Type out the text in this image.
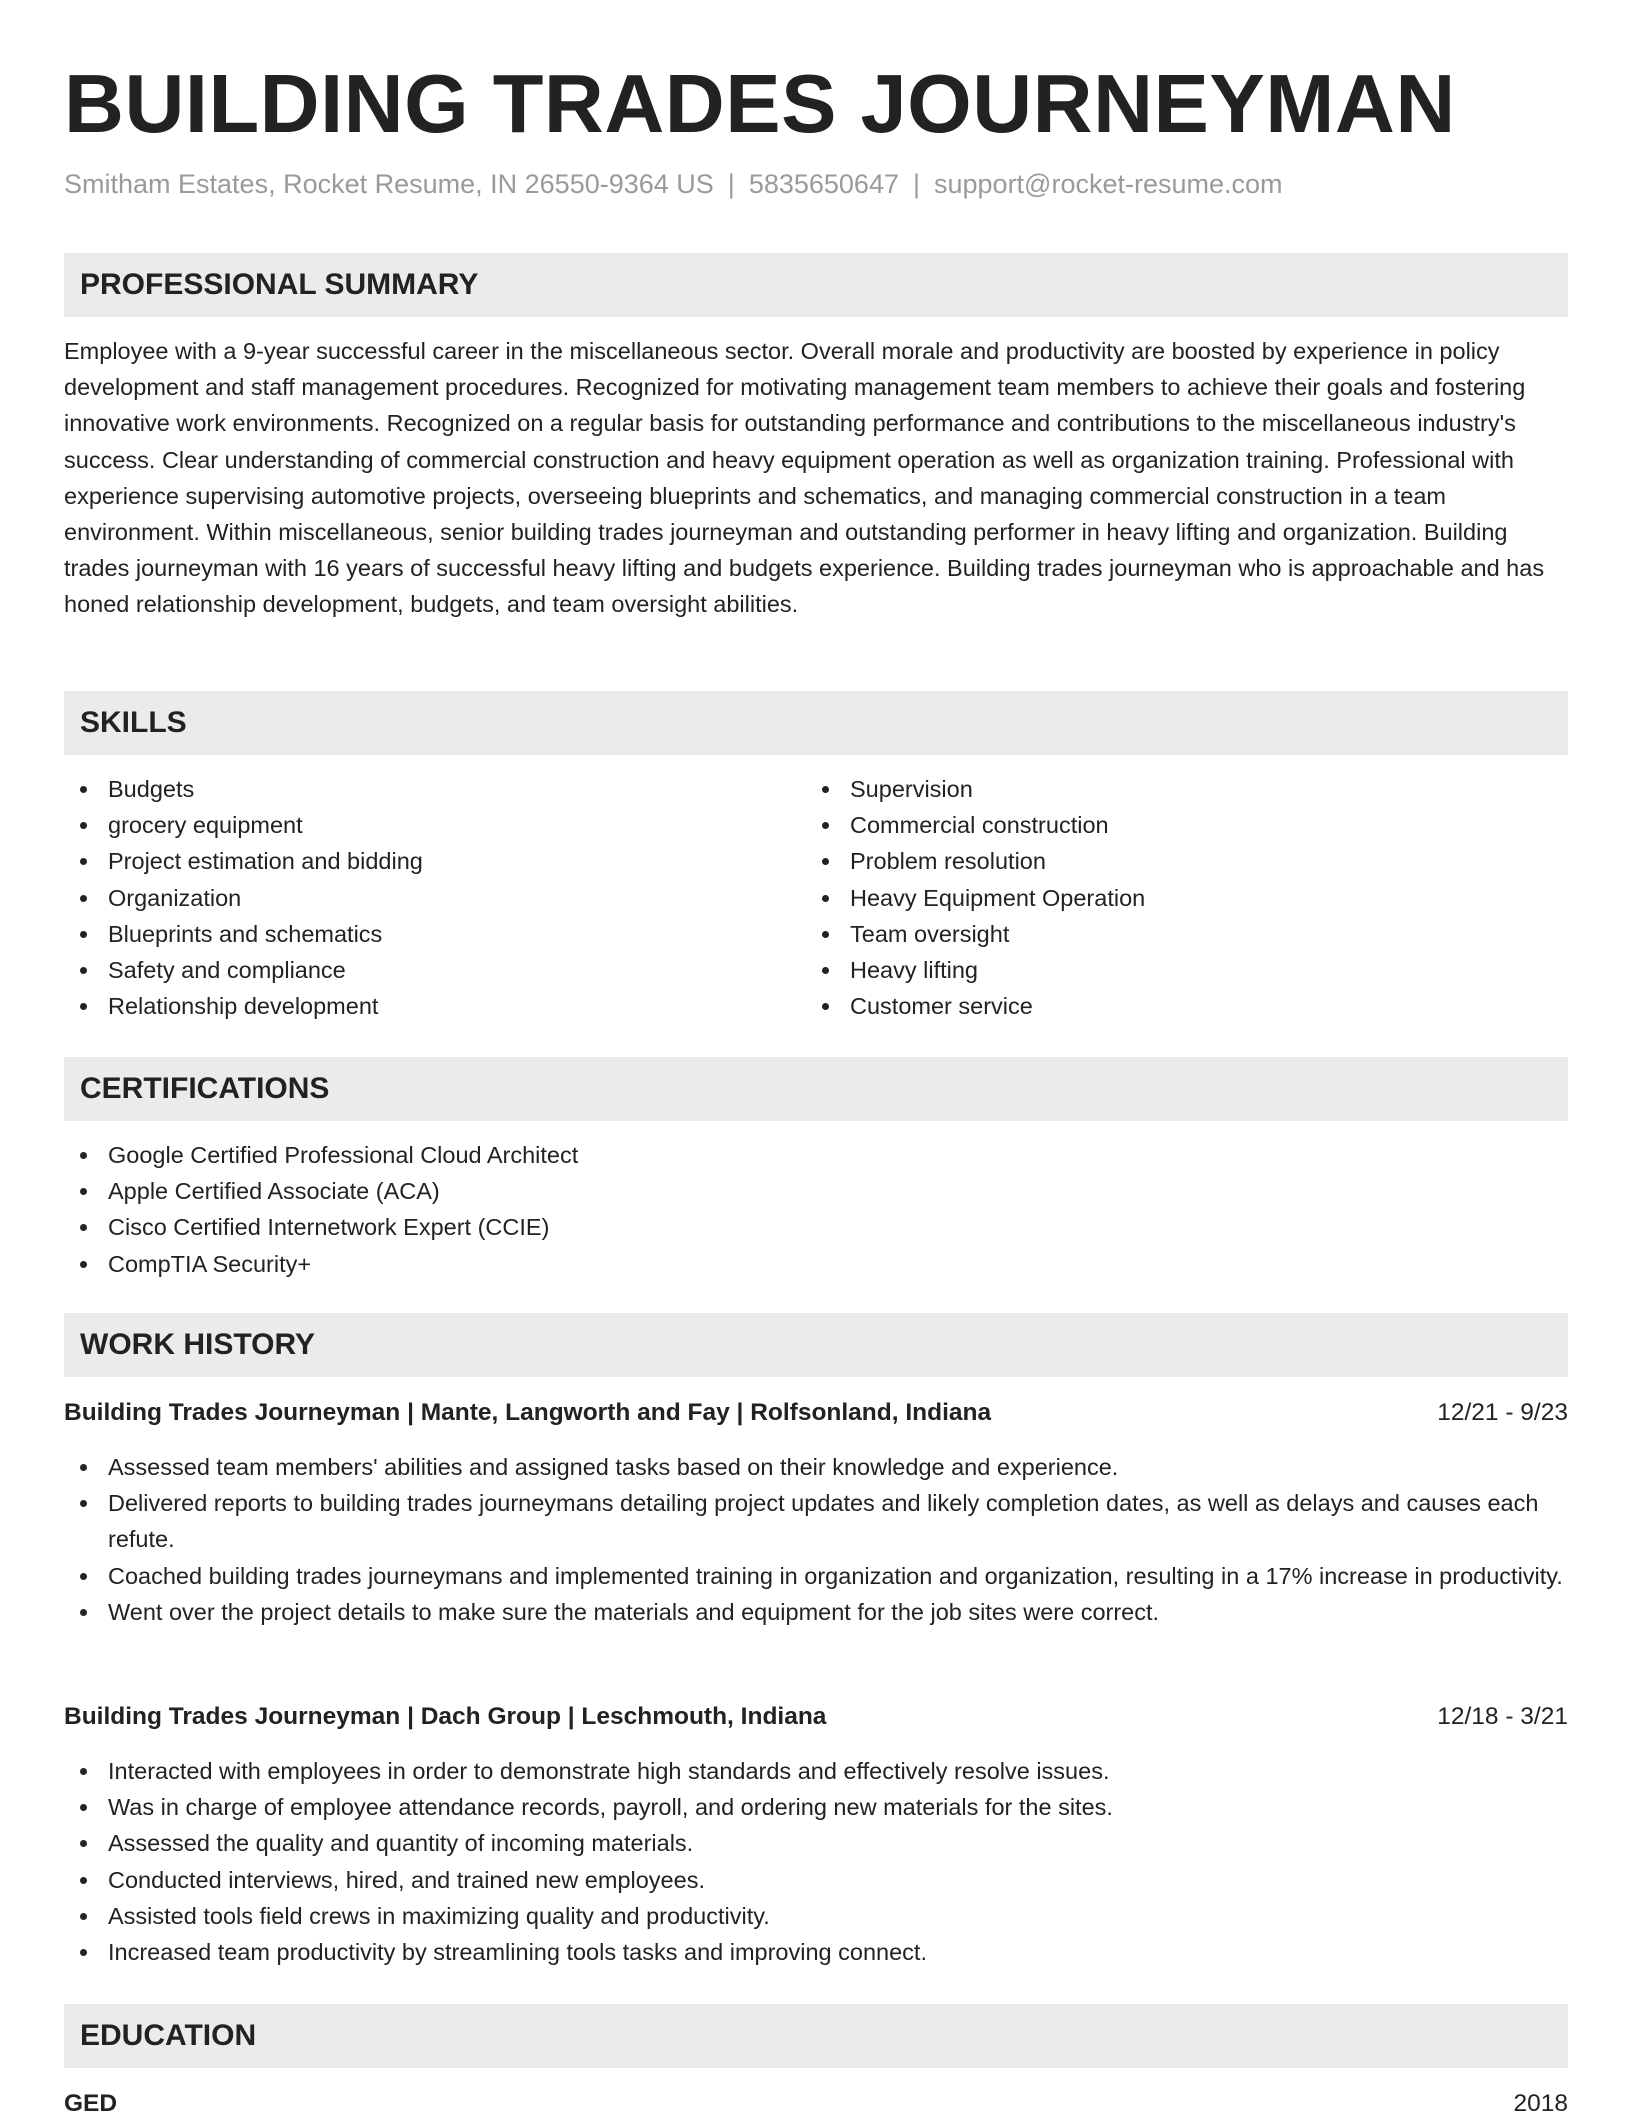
BUILDING TRADES JOURNEYMAN
Smitham Estates, Rocket Resume, IN 26550-9364 US | 5835650647 | support@rocket-resume.com
PROFESSIONAL SUMMARY

Employee with a 9-year successful career in the miscellaneous sector. Overall morale and productivity are boosted by experience in policy development and staff management procedures. Recognized for motivating management team members to achieve their goals and fostering innovative work environments. Recognized on a regular basis for outstanding performance and contributions to the miscellaneous industry's success. Clear understanding of commercial construction and heavy equipment operation as well as organization training. Professional with experience supervising automotive projects, overseeing blueprints and schematics, and managing commercial construction in a team environment. Within miscellaneous, senior building trades journeyman and outstanding performer in heavy lifting and organization. Building trades journeyman with 16 years of successful heavy lifting and budgets experience. Building trades journeyman who is approachable and has honed relationship development, budgets, and team oversight abilities.

SKILLS
Budgets
grocery equipment
Project estimation and bidding
Organization
Blueprints and schematics
Safety and compliance
Relationship development
Supervision
Commercial construction
Problem resolution
Heavy Equipment Operation
Team oversight
Heavy lifting
Customer service
CERTIFICATIONS
Google Certified Professional Cloud Architect
Apple Certified Associate (ACA)
Cisco Certified Internetwork Expert (CCIE)
CompTIA Security+
WORK HISTORY
Building Trades Journeyman | Mante, Langworth and Fay | Rolfsonland, Indiana	12/21 - 9/23
Assessed team members' abilities and assigned tasks based on their knowledge and experience.
Delivered reports to building trades journeymans detailing project updates and likely completion dates, as well as delays and causes each refute.
Coached building trades journeymans and implemented training in organization and organization, resulting in a 17% increase in productivity.
Went over the project details to make sure the materials and equipment for the job sites were correct.
Building Trades Journeyman | Dach Group | Leschmouth, Indiana	12/18 - 3/21
Interacted with employees in order to demonstrate high standards and effectively resolve issues.
Was in charge of employee attendance records, payroll, and ordering new materials for the sites.
Assessed the quality and quantity of incoming materials.
Conducted interviews, hired, and trained new employees.
Assisted tools field crews in maximizing quality and productivity.
Increased team productivity by streamlining tools tasks and improving connect.
EDUCATION
GED	2018
